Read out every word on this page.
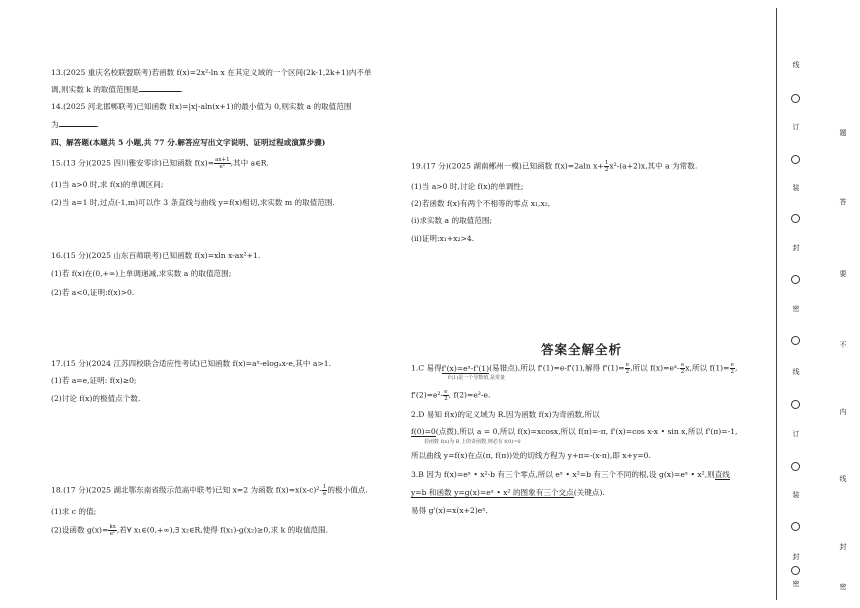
13.(2025 重庆名校联盟联考)若函数 f(x)=2x²-ln x 在其定义域的一个区间(2k-1,2k+1)内不单
调,则实数 k 的取值范围是	.
14.(2025 河北邯郸联考)已知函数 f(x)=|x|-aln(x+1)的最小值为 0,则实数 a 的取值范围
为	.
四、解答题(本题共 5 小题,共 77 分.解答应写出文字说明、证明过程或演算步骤)
15.(13 分)(2025 四川雅安零诊)已知函数 $f(x)= \frac{ax+1}{\text{eˣ}}$ ,其中 a∈R.
(1)当 a>0 时,求 f(x)的单调区间;
(2)当 a=1 时,过点(-1,m)可以作 3 条直线与曲线 y=f(x)相切,求实数 m 的取值范围.
16.(15 分)(2025 山东百师联考)已知函数 f(x)=xln x-ax²+1.
(1)若 f(x)在(0,+∞)上单调递减,求实数 a 的取值范围;
(2)若 a<0,证明:f(x)>0.
17.(15 分)(2024 江苏四校联合适应性考试)已知函数 f(x)=aˣ-elogₐx-e,其中 a>1.
(1)若 a=e,证明: f(x)≥0;
(2)讨论 f(x)的极值点个数.
18.(17 分)(2025 湖北鄂东南省级示范高中联考)已知 x=2 为函数 $f(x)=x(x-c)^2- \frac{1}{e}$ 的极小值点.
(1)求 c 的值;
(2)设函数 $g(x)= \frac{kx}{\text{eˣ}}$ ,若∀ x₁∈(0,+∞),∃ x₂∈R,使得 f(x₁)-g(x₂)≥0,求 k 的取值范围.
19.(17 分)(2025 湖南郴州一模)已知函数 f(x)=2aln $x+ \frac{1}{2} x^2-(a+2)x$,其中 a 为常数.
(1)当 a>0 时,讨论 f(x)的单调性;
(2)若函数 f(x)有两个不相等的零点 x₁,x₂,
(i)求实数 a 的取值范围;
(ii)证明:x₁+x₂>4.
答案全解全析
1.C 易得f'(x)=eˣ-f'(1)(易错点),所以 f'(1)=e-f'(1),解得 $f'(1)= \frac{e}{2}$ ,所以 f(x)=eˣ- $\frac{e}{2} x$,所以 $f(1)= \frac{e}{2}$ ,
f'(1)是一个导数值,是常量
$f'(2)=e^2- \frac{e}{2}$ , f(2)=e²-e.
2.D 易知 f(x)的定义域为 R.因为函数 f(x)为奇函数,所以
f(0)=0(点拨),所以 a = 0,所以 f(x)=xcosx,所以 f(π)=-π, f'(x)=cos x-x • sin x,所以 f'(π)=-1,
若函数 f(x)为 R 上的奇函数,则必有 f(0)=0
所以曲线 y=f(x)在点(π, f(π))处的切线方程为 y+π=-(x-π),即 x+y=0.
3.B 因为 f(x)=eˣ • x²-b 有三个零点,所以 eˣ • x²=b 有三个不同的根,设 g(x)=eˣ • x²,则直线
y=b 和函数 y=g(x)=eˣ • x² 的图象有三个交点(关键点).
易得 g'(x)=x(x+2)eˣ.
线
订
装
封
密
线
订
装
封
密
题
答
要
不
内
线
封
密
